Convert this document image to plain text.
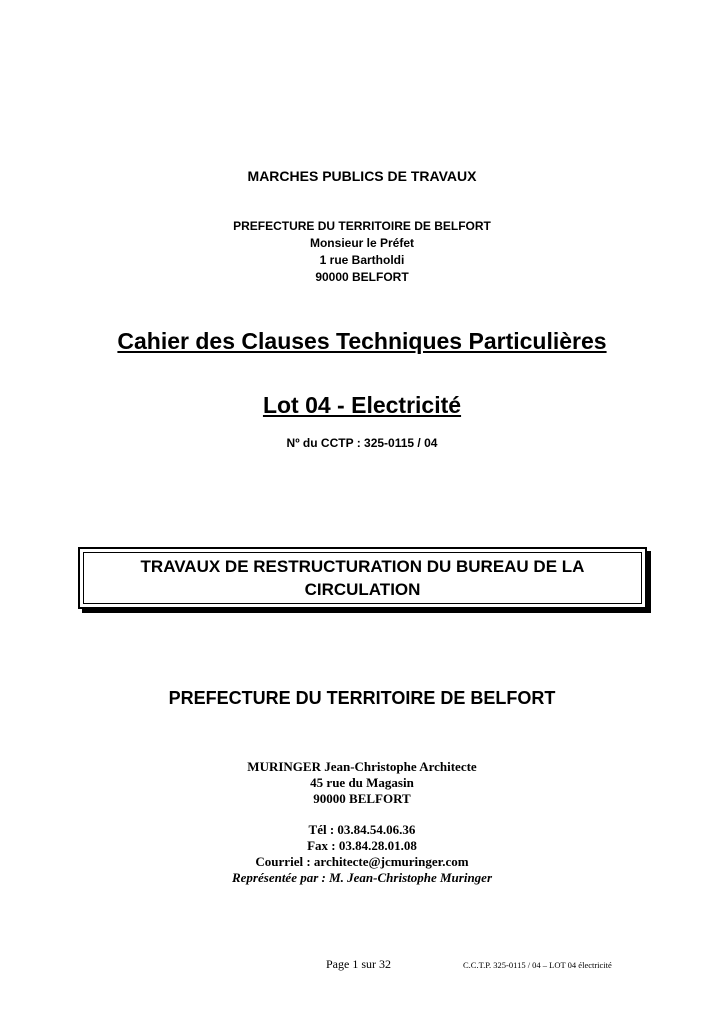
MARCHES PUBLICS DE TRAVAUX
PREFECTURE DU TERRITOIRE DE BELFORT
Monsieur le Préfet
1 rue Bartholdi
90000 BELFORT
Cahier des Clauses Techniques Particulières
Lot 04 - Electricité
Nº du CCTP : 325-0115 / 04
TRAVAUX DE RESTRUCTURATION DU BUREAU DE LA
CIRCULATION
PREFECTURE DU TERRITOIRE DE BELFORT
MURINGER Jean-Christophe Architecte
45 rue du Magasin
90000 BELFORT
Tél : 03.84.54.06.36
Fax : 03.84.28.01.08
Courriel : architecte@jcmuringer.com
Représentée par : M. Jean-Christophe Muringer
Page 1 sur 32	C.C.T.P. 325-0115 / 04 – LOT 04 électricité
